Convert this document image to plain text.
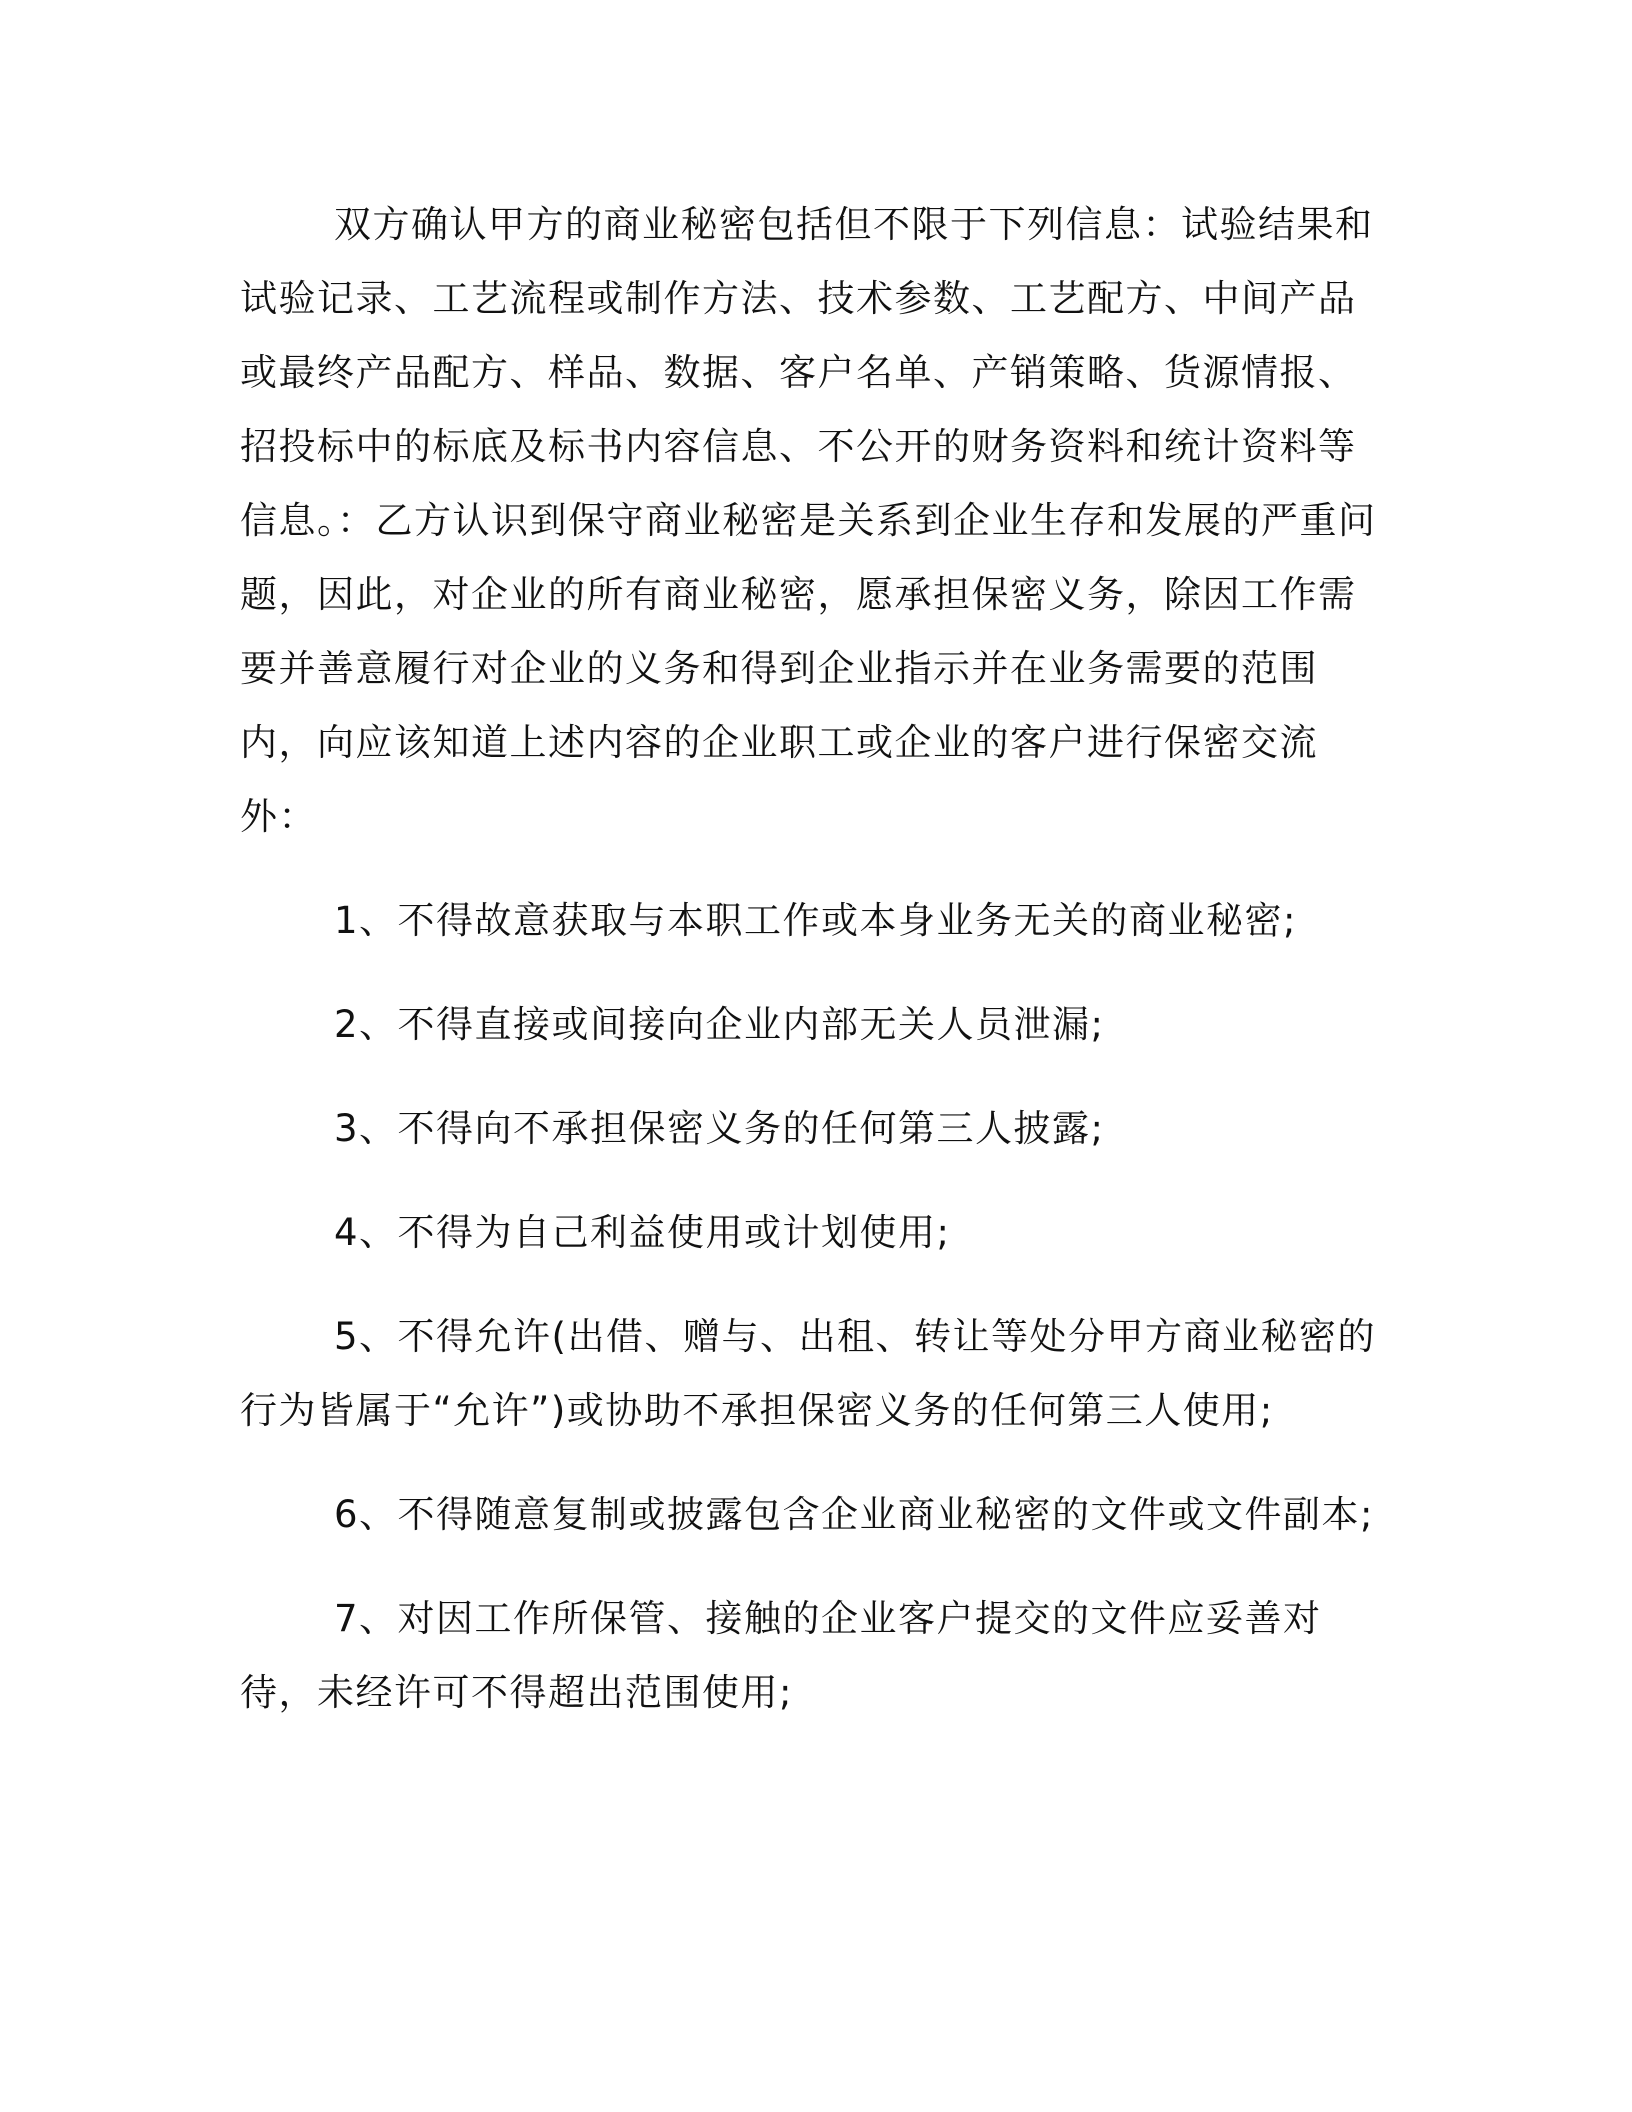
双方确认甲方的商业秘密包括但不限于下列信息：试验结果和试验记录、工艺流程或制作方法、技术参数、工艺配方、中间产品或最终产品配方、样品、数据、客户名单、产销策略、货源情报、招投标中的标底及标书内容信息、不公开的财务资料和统计资料等信息。：乙方认识到保守商业秘密是关系到企业生存和发展的严重问题，因此，对企业的所有商业秘密，愿承担保密义务，除因工作需要并善意履行对企业的义务和得到企业指示并在业务需要的范围内，向应该知道上述内容的企业职工或企业的客户进行保密交流外：

1、不得故意获取与本职工作或本身业务无关的商业秘密;

2、不得直接或间接向企业内部无关人员泄漏;

3、不得向不承担保密义务的任何第三人披露;

4、不得为自己利益使用或计划使用;

5、不得允许(出借、赠与、出租、转让等处分甲方商业秘密的行为皆属于“允许”)或协助不承担保密义务的任何第三人使用;

6、不得随意复制或披露包含企业商业秘密的文件或文件副本;

7、对因工作所保管、接触的企业客户提交的文件应妥善对待，未经许可不得超出范围使用;
